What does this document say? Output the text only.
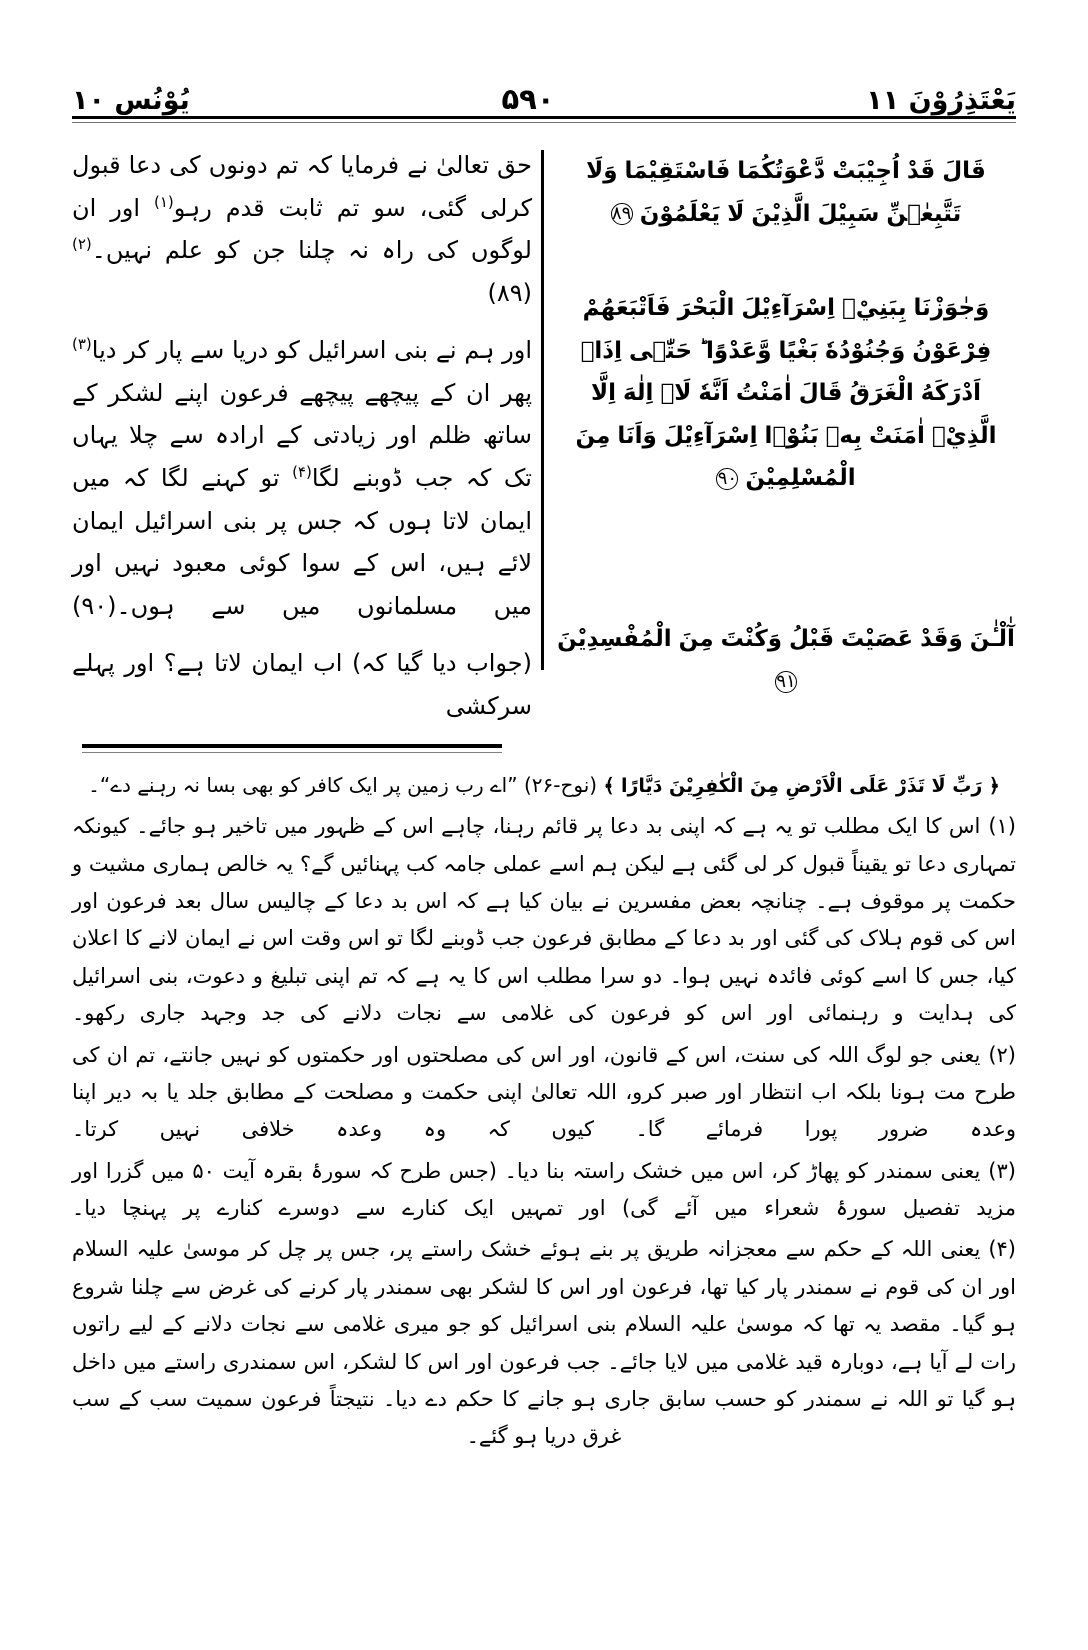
يَعْتَذِرُوْنَ ١١
۵۹۰
يُوْنُس ١٠
قَالَ قَدْ اُجِيْبَتْ دَّعْوَتُكُمَا فَاسْتَقِيْمَا وَلَا تَتَّبِعٰۤنِّ سَبِيْلَ الَّذِيْنَ لَا يَعْلَمُوْنَ ۸۹
وَجٰوَزْنَا بِبَنِيْۤ اِسْرَآءِيْلَ الْبَحْرَ فَاَتْبَعَهُمْ فِرْعَوْنُ وَجُنُوْدُهٗ بَغْيًا وَّعَدْوًا ؕ حَتّٰۤى اِذَاۤ اَدْرَكَهُ الْغَرَقُ قَالَ اٰمَنْتُ اَنَّهٗ لَاۤ اِلٰهَ اِلَّا الَّذِيْۤ اٰمَنَتْ بِهٖ بَنُوْۤا اِسْرَآءِيْلَ وَاَنَا مِنَ الْمُسْلِمِيْنَ ۹۰
آٰلْـٰٔنَ وَقَدْ عَصَيْتَ قَبْلُ وَكُنْتَ مِنَ الْمُفْسِدِيْنَ ۹۱

حق تعالیٰ نے فرمایا کہ تم دونوں کی دعا قبول کرلی گئی، سو تم ثابت قدم رہو$^{(۱)}$ اور ان لوگوں کی راہ نہ چلنا جن کو علم نہیں۔$^{(۲)}$ (۸۹)

اور ہم نے بنی اسرائیل کو دریا سے پار کر دیا$^{(۳)}$ پھر ان کے پیچھے پیچھے فرعون اپنے لشکر کے ساتھ ظلم اور زیادتی کے ارادہ سے چلا یہاں تک کہ جب ڈوبنے لگا$^{(۴)}$ تو کہنے لگا کہ میں ایمان لاتا ہوں کہ جس پر بنی اسرائیل ایمان لائے ہیں، اس کے سوا کوئی معبود نہیں اور میں مسلمانوں میں سے ہوں۔(۹۰)

(جواب دیا گیا کہ) اب ایمان لاتا ہے؟ اور پہلے سرکشی

﴿ رَبِّ لَا تَذَرْ عَلَى الْاَرْضِ مِنَ الْكٰفِرِيْنَ دَيَّارًا ﴾ (نوح-۲۶) ”اے رب زمین پر ایک کافر کو بھی بسا نہ رہنے دے“۔

(۱)اس کا ایک مطلب تو یہ ہے کہ اپنی بد دعا پر قائم رہنا، چاہے اس کے ظہور میں تاخیر ہو جائے۔ کیونکہ تمہاری دعا تو یقیناً قبول کر لی گئی ہے لیکن ہم اسے عملی جامہ کب پہنائیں گے؟ یہ خالص ہماری مشیت و حکمت پر موقوف ہے۔ چنانچہ بعض مفسرین نے بیان کیا ہے کہ اس بد دعا کے چالیس سال بعد فرعون اور اس کی قوم ہلاک کی گئی اور بد دعا کے مطابق فرعون جب ڈوبنے لگا تو اس وقت اس نے ایمان لانے کا اعلان کیا، جس کا اسے کوئی فائدہ نہیں ہوا۔ دو سرا مطلب اس کا یہ ہے کہ تم اپنی تبلیغ و دعوت، بنی اسرائیل کی ہدایت و رہنمائی اور اس کو فرعون کی غلامی سے نجات دلانے کی جد وجہد جاری رکھو۔

(۲)یعنی جو لوگ اللہ کی سنت، اس کے قانون، اور اس کی مصلحتوں اور حکمتوں کو نہیں جانتے، تم ان کی طرح مت ہونا بلکہ اب انتظار اور صبر کرو، اللہ تعالیٰ اپنی حکمت و مصلحت کے مطابق جلد یا بہ دیر اپنا وعدہ ضرور پورا فرمائے گا۔ کیوں کہ وہ وعدہ خلافی نہیں کرتا۔

(۳)یعنی سمندر کو پھاڑ کر، اس میں خشک راستہ بنا دیا۔ (جس طرح کہ سورۂ بقرہ آیت ۵۰ میں گزرا اور مزید تفصیل سورۂ شعراء میں آئے گی) اور تمہیں ایک کنارے سے دوسرے کنارے پر پہنچا دیا۔

(۴)یعنی اللہ کے حکم سے معجزانہ طریق پر بنے ہوئے خشک راستے پر، جس پر چل کر موسیٰ علیہ السلام اور ان کی قوم نے سمندر پار کیا تھا، فرعون اور اس کا لشکر بھی سمندر پار کرنے کی غرض سے چلنا شروع ہو گیا۔ مقصد یہ تھا کہ موسیٰ علیہ السلام بنی اسرائیل کو جو میری غلامی سے نجات دلانے کے لیے راتوں رات لے آیا ہے، دوبارہ قید غلامی میں لایا جائے۔ جب فرعون اور اس کا لشکر، اس سمندری راستے میں داخل ہو گیا تو اللہ نے سمندر کو حسب سابق جاری ہو جانے کا حکم دے دیا۔ نتیجتاً فرعون سمیت سب کے سب غرق دریا ہو گئے۔
